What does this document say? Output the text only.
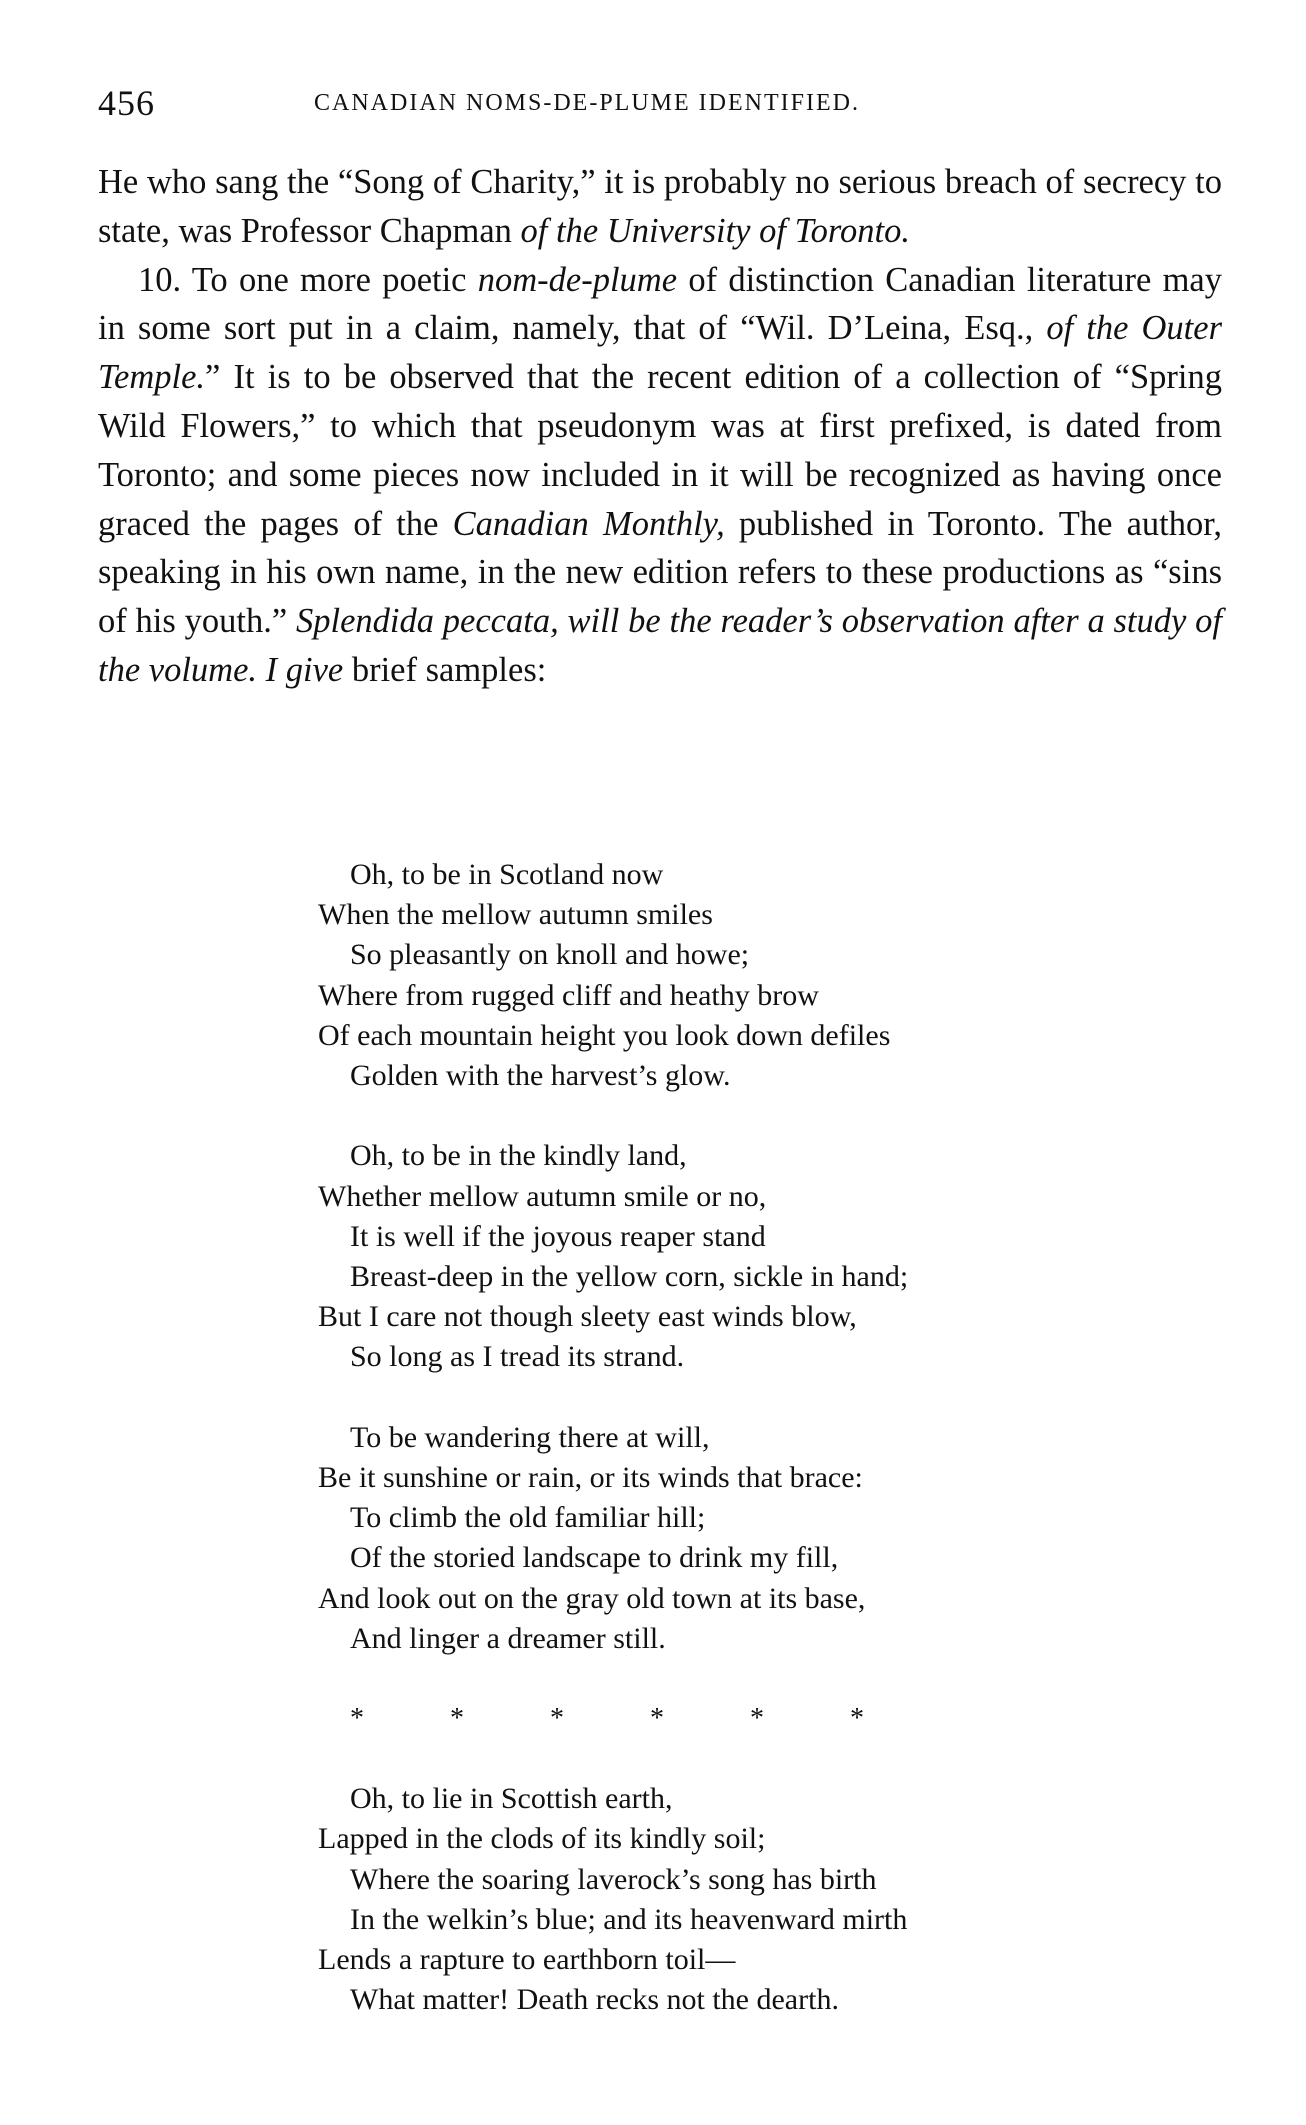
456	CANADIAN NOMS-DE-PLUME IDENTIFIED.

He who sang the “Song of Charity,” it is probably no serious breach of secrecy to state, was Professor Chapman of the University of Toronto.

10. To one more poetic nom-de-plume of distinction Canadian literature may in some sort put in a claim, namely, that of “Wil. D’Leina, Esq., of the Outer Temple.” It is to be observed that the recent edition of a collection of “Spring Wild Flowers,” to which that pseudonym was at first prefixed, is dated from Toronto; and some pieces now included in it will be recognized as having once graced the pages of the Canadian Monthly, published in Toronto. The author, speaking in his own name, in the new edition refers to these productions as “sins of his youth.” Splendida peccata, will be the reader’s observation after a study of the volume. I give brief samples:

Oh, to be in Scotland now
When the mellow autumn smiles
So pleasantly on knoll and howe;
Where from rugged cliff and heathy brow
Of each mountain height you look down defiles
Golden with the harvest’s glow.
Oh, to be in the kindly land,
Whether mellow autumn smile or no,
It is well if the joyous reaper stand
Breast-deep in the yellow corn, sickle in hand;
But I care not though sleety east winds blow,
So long as I tread its strand.
To be wandering there at will,
Be it sunshine or rain, or its winds that brace:
To climb the old familiar hill;
Of the storied landscape to drink my fill,
And look out on the gray old town at its base,
And linger a dreamer still.
*	*	*	*	*	*
Oh, to lie in Scottish earth,
Lapped in the clods of its kindly soil;
Where the soaring laverock’s song has birth
In the welkin’s blue; and its heavenward mirth
Lends a rapture to earthborn toil—
What matter! Death recks not the dearth.
